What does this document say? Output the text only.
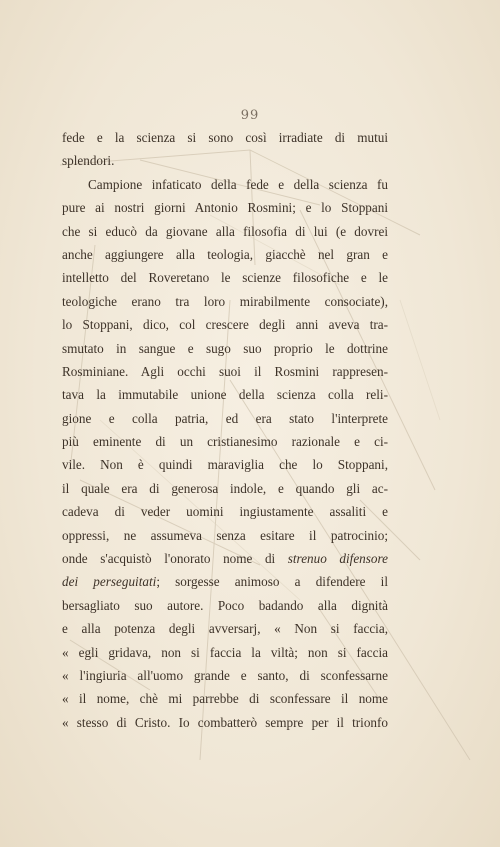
99
fede e la scienza si sono così irradiate di mutui
splendori.
Campione infaticato della fede e della scienza fu
pure ai nostri giorni Antonio Rosmini; e lo Stoppani
che si educò da giovane alla filosofia di lui (e dovrei
anche aggiungere alla teologia, giacchè nel gran e
intelletto del Roveretano le scienze filosofiche e le
teologiche erano tra loro mirabilmente consociate),
lo Stoppani, dico, col crescere degli anni aveva tra-
smutato in sangue e sugo suo proprio le dottrine
Rosminiane. Agli occhi suoi il Rosmini rappresen-
tava la immutabile unione della scienza colla reli-
gione e colla patria, ed era stato l'interprete
più eminente di un cristianesimo razionale e ci-
vile. Non è quindi maraviglia che lo Stoppani,
il quale era di generosa indole, e quando gli ac-
cadeva di veder uomini ingiustamente assaliti e
oppressi, ne assumeva senza esitare il patrocinio;
onde s'acquistò l'onorato nome di strenuo difensore
dei perseguitati; sorgesse animoso a difendere il
bersagliato suo autore. Poco badando alla dignità
e alla potenza degli avversarj, « Non si faccia,
« egli gridava, non si faccia la viltà; non si faccia
« l'ingiuria all'uomo grande e santo, di sconfessarne
« il nome, chè mi parrebbe di sconfessare il nome
« stesso di Cristo. Io combatterò sempre per il trionfo
